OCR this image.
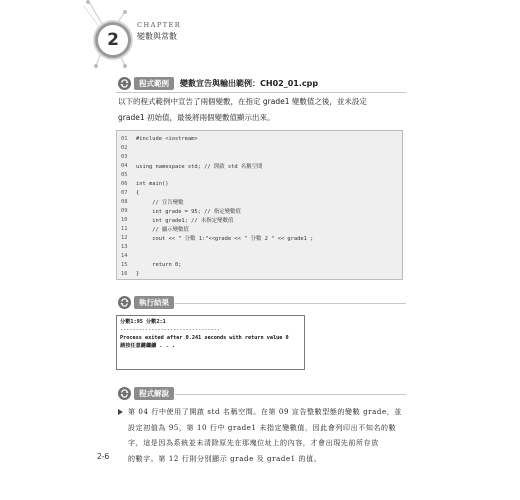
2
CHAPTER
變數與常數
程式範例	變數宣告與輸出範例：CH02_01.cpp
以下的程式範例中宣告了兩個變數，在指定 grade1 變數值之後，並未設定
grade1 初始值，最後將兩個變數值顯示出來。
01	#include <iostream>
02
03
04	using namespace std; // 開啟 std 名稱空間
05
06	int main()
07	{
08	// 宣告變數
09	int grade = 95; // 指定變數值
10	int grade1; // 未指定變數值
11	// 顯示變數值
12	cout << " 分數 1:"<<grade << " 分數 2 " << grade1 ;
13
14
15	return 0;
16	}
執行結果
分數1:95 分數2:1
--------------------------------
Process exited after 0.241 seconds with return value 0
請按任意鍵繼續 . . .
程式解說
第 04 行中使用了開啟 std 名稱空間。在第 09 宣告整數型態的變數 grade，並
設定初值為 95，第 10 行中 grade1 未指定變數值，因此會列印出不知名的數
字，這是因為系統並未清除原先在那塊位址上的內容，才會出現先前所存放
的數字。第 12 行則分別顯示 grade 及 grade1 的值。
2-6
